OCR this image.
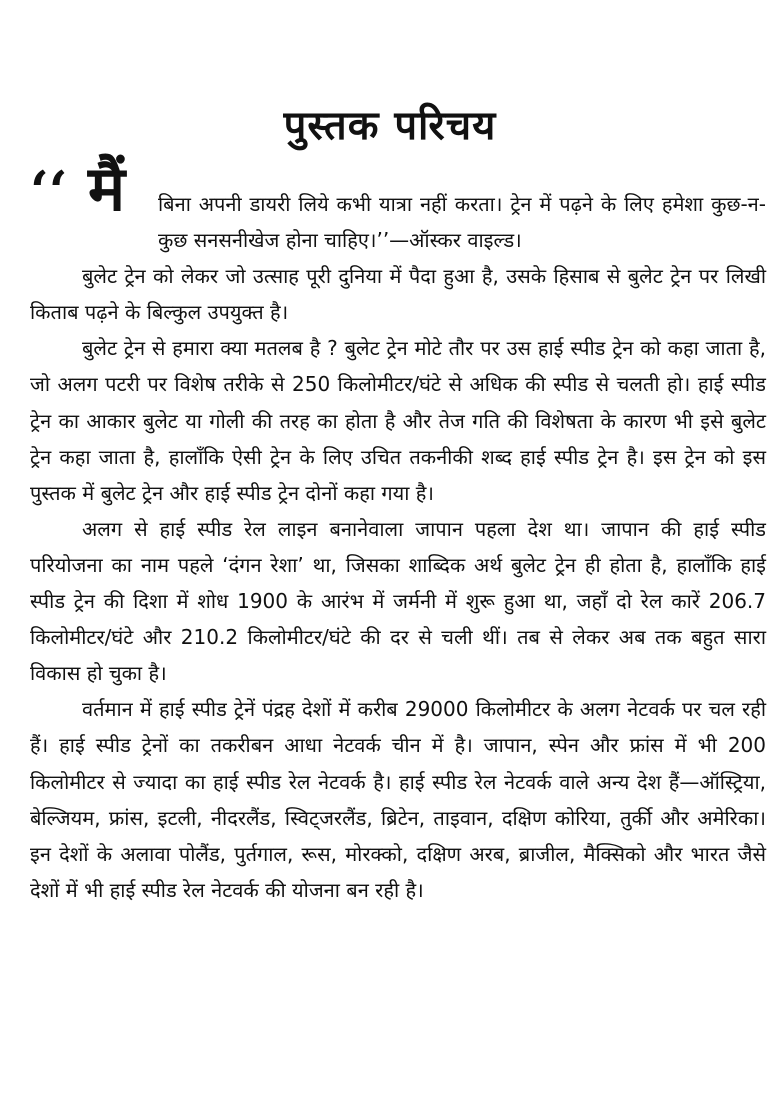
पुस्तक परिचय
‘‘ मैं	बिना अपनी डायरी लिये कभी यात्रा नहीं करता। ट्रेन में पढ़ने के लिए हमेशा कुछ-न-कुछ सनसनीखेज होना चाहिए।’’—ऑस्कर वाइल्ड।

बुलेट ट्रेन को लेकर जो उत्साह पूरी दुनिया में पैदा हुआ है, उसके हिसाब से बुलेट ट्रेन पर लिखी किताब पढ़ने के बिल्कुल उपयुक्त है।

बुलेट ट्रेन से हमारा क्या मतलब है ? बुलेट ट्रेन मोटे तौर पर उस हाई स्पीड ट्रेन को कहा जाता है, जो अलग पटरी पर विशेष तरीके से 250 किलोमीटर/घंटे से अधिक की स्पीड से चलती हो। हाई स्पीड ट्रेन का आकार बुलेट या गोली की तरह का होता है और तेज गति की विशेषता के कारण भी इसे बुलेट ट्रेन कहा जाता है, हालाँकि ऐसी ट्रेन के लिए उचित तकनीकी शब्द हाई स्पीड ट्रेन है। इस ट्रेन को इस पुस्तक में बुलेट ट्रेन और हाई स्पीड ट्रेन दोनों कहा गया है।

अलग से हाई स्पीड रेल लाइन बनानेवाला जापान पहला देश था। जापान की हाई स्पीड परियोजना का नाम पहले ‘दंगन रेशा’ था, जिसका शाब्दिक अर्थ बुलेट ट्रेन ही होता है, हालाँकि हाई स्पीड ट्रेन की दिशा में शोध 1900 के आरंभ में जर्मनी में शुरू हुआ था, जहाँ दो रेल कारें 206.7 किलोमीटर/घंटे और 210.2 किलोमीटर/घंटे की दर से चली थीं। तब से लेकर अब तक बहुत सारा विकास हो चुका है।

वर्तमान में हाई स्पीड ट्रेनें पंद्रह देशों में करीब 29000 किलोमीटर के अलग नेटवर्क पर चल रही हैं। हाई स्पीड ट्रेनों का तकरीबन आधा नेटवर्क चीन में है। जापान, स्पेन और फ्रांस में भी 200 किलोमीटर से ज्यादा का हाई स्पीड रेल नेटवर्क है। हाई स्पीड रेल नेटवर्क वाले अन्य देश हैं—ऑस्ट्रिया, बेल्जियम, फ्रांस, इटली, नीदरलैंड, स्विट्जरलैंड, ब्रिटेन, ताइवान, दक्षिण कोरिया, तुर्की और अमेरिका। इन देशों के अलावा पोलैंड, पुर्तगाल, रूस, मोरक्को, दक्षिण अरब, ब्राजील, मैक्सिको और भारत जैसे देशों में भी हाई स्पीड रेल नेटवर्क की योजना बन रही है।
